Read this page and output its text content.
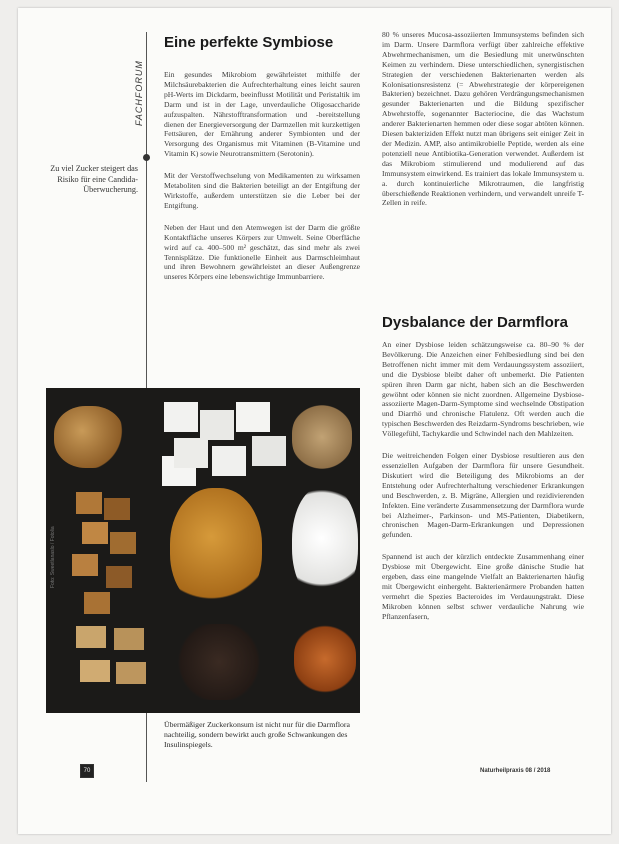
FACHFORUM

Zu viel Zucker steigert das Risiko für eine Candida-Überwucherung.

Eine perfekte Symbiose

Ein gesundes Mikrobiom gewährleistet mithilfe der Milchsäurebakterien die Aufrechterhaltung eines leicht sauren pH-Werts im Dickdarm, beeinflusst Motilität und Peristaltik im Darm und ist in der Lage, unverdauliche Oligosaccharide aufzuspalten. Nährstofftransformation und -bereitstellung dienen der Energieversorgung der Darmzellen mit kurzkettigen Fettsäuren, der Ernährung anderer Symbionten und der Versorgung des Organismus mit Vitaminen (B-Vitamine und Vitamin K) sowie Neurotransmittern (Serotonin).

Mit der Verstoffwechselung von Medikamenten zu wirksamen Metaboliten sind die Bakterien beteiligt an der Entgiftung der Wirkstoffe, außerdem unterstützen sie die Leber bei der Entgiftung.

Neben der Haut und den Atemwegen ist der Darm die größte Kontaktfläche unseres Körpers zur Umwelt. Seine Oberfläche wird auf ca. 400–500 m² geschätzt, das sind mehr als zwei Tennisplätze. Die funktionelle Einheit aus Darmschleimhaut und ihren Bewohnern gewährleistet an dieser Außengrenze unseres Körpers eine lebenswichtige Immunbarriere.

80 % unseres Mucosa-assoziierten Immunsystems befinden sich im Darm. Unsere Darmflora verfügt über zahlreiche effektive Abwehrmechanismen, um die Besiedlung mit unerwünschten Keimen zu verhindern. Diese unterschiedlichen, synergistischen Strategien der verschiedenen Bakterienarten werden als Kolonisationsresistenz (= Abwehrstrategie der körpereigenen Bakterien) bezeichnet. Dazu gehören Verdrängungsmechanismen gesunder Bakterienarten und die Bildung spezifischer Abwehrstoffe, sogenannter Bacteriocine, die das Wachstum anderer Bakterienarten hemmen oder diese sogar abtöten können. Diesen bakteriziden Effekt nutzt man übrigens seit einiger Zeit in der Medizin. AMP, also antimikrobielle Peptide, werden als eine potenziell neue Antibiotika-Generation verwendet. Außerdem ist das Mikrobiom stimulierend und modulierend auf das Immunsystem einwirkend. Es trainiert das lokale Immunsystem u. a. durch kontinuierliche Mikrotraumen, die langfristig überschießende Reaktionen verhindern, und verwandelt unreife T-Zellen in reife.

Dysbalance der Darmflora

An einer Dysbiose leiden schätzungsweise ca. 80–90 % der Bevölkerung. Die Anzeichen einer Fehlbesiedlung sind bei den Betroffenen nicht immer mit dem Verdauungssystem assoziiert, und die Dysbiose bleibt daher oft unbemerkt. Die Patienten spüren ihren Darm gar nicht, haben sich an die Beschwerden gewöhnt oder können sie nicht zuordnen. Allgemeine Dysbiose-assoziierte Magen-Darm-Symptome sind wechselnde Obstipation und Diarrhö und chronische Flatulenz. Oft werden auch die typischen Beschwerden des Reizdarm-Syndroms beschrieben, wie Völlegefühl, Tachykardie und Schwindel nach den Mahlzeiten.

Die weitreichenden Folgen einer Dysbiose resultieren aus den essenziellen Aufgaben der Darmflora für unsere Gesundheit. Diskutiert wird die Beteiligung des Mikrobioms an der Entstehung oder Aufrechterhaltung verschiedener Erkrankungen und Beschwerden, z. B. Migräne, Allergien und rezidivierenden Infekten. Eine veränderte Zusammensetzung der Darmflora wurde bei Alzheimer-, Parkinson- und MS-Patienten, Diabetikern, chronischen Magen-Darm-Erkrankungen und Depressionen gefunden.

Spannend ist auch der kürzlich entdeckte Zusammenhang einer Dysbiose mit Übergewicht. Eine große dänische Studie hat ergeben, dass eine mangelnde Vielfalt an Bakterienarten häufig mit Übergewicht einhergeht. Bakterienärmere Probanden hatten vermehrt die Spezies Bacteroides im Verdauungstrakt. Diese Mikroben können selbst schwer verdauliche Nahrung wie Pflanzenfasern,

Foto: Sweetlanaslo / Fotolia

Übermäßiger Zuckerkonsum ist nicht nur für die Darmflora nachteilig, sondern bewirkt auch große Schwankungen des Insulinspiegels.

70	Naturheilpraxis 08 / 2018
